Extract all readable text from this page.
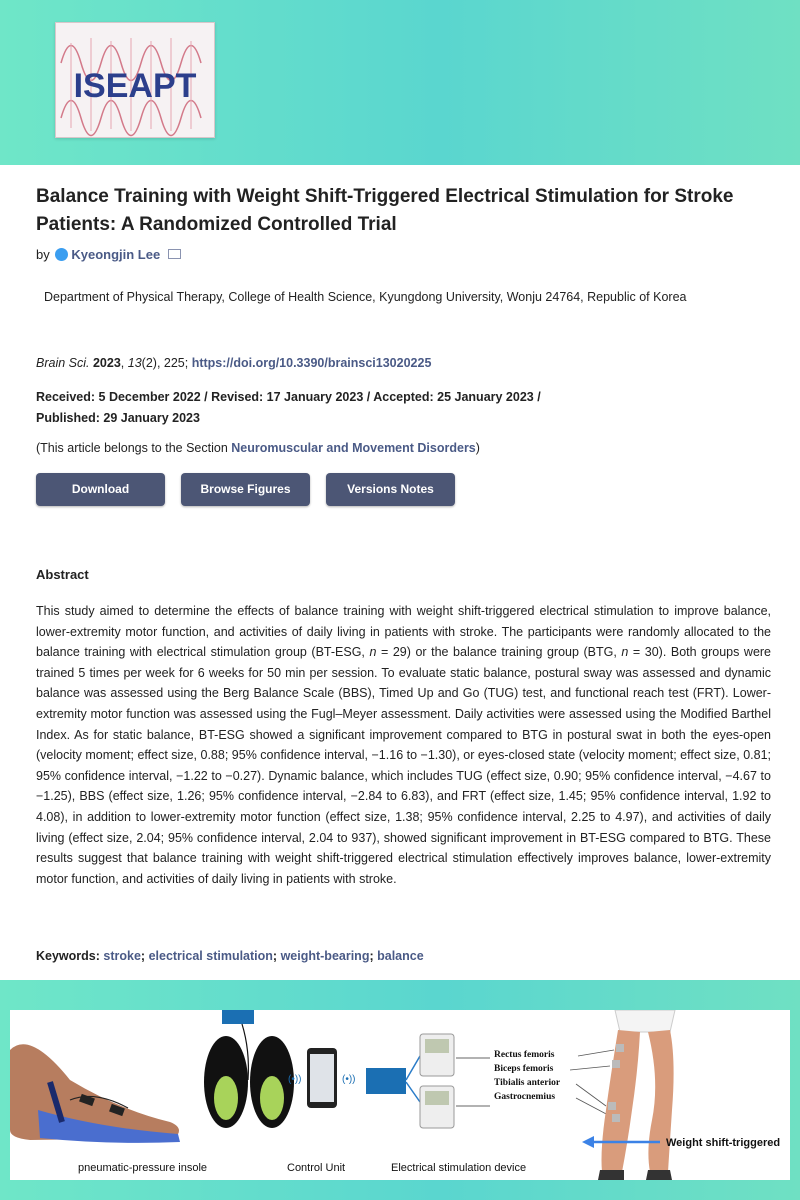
ISEAPT
Balance Training with Weight Shift-Triggered Electrical Stimulation for Stroke Patients: A Randomized Controlled Trial
by Kyeongjin Lee
Department of Physical Therapy, College of Health Science, Kyungdong University, Wonju 24764, Republic of Korea
Brain Sci. 2023, 13(2), 225; https://doi.org/10.3390/brainsci13020225
Received: 5 December 2022 / Revised: 17 January 2023 / Accepted: 25 January 2023 /
Published: 29 January 2023
(This article belongs to the Section Neuromuscular and Movement Disorders)
Download	Browse Figures	Versions Notes
Abstract
This study aimed to determine the effects of balance training with weight shift-triggered electrical stimulation to improve balance, lower-extremity motor function, and activities of daily living in patients with stroke. The participants were randomly allocated to the balance training with electrical stimulation group (BT-ESG, n = 29) or the balance training group (BTG, n = 30). Both groups were trained 5 times per week for 6 weeks for 50 min per session. To evaluate static balance, postural sway was assessed and dynamic balance was assessed using the Berg Balance Scale (BBS), Timed Up and Go (TUG) test, and functional reach test (FRT). Lower-extremity motor function was assessed using the Fugl–Meyer assessment. Daily activities were assessed using the Modified Barthel Index. As for static balance, BT-ESG showed a significant improvement compared to BTG in postural swat in both the eyes-open (velocity moment; effect size, 0.88; 95% confidence interval, −1.16 to −1.30), or eyes-closed state (velocity moment; effect size, 0.81; 95% confidence interval, −1.22 to −0.27). Dynamic balance, which includes TUG (effect size, 0.90; 95% confidence interval, −4.67 to −1.25), BBS (effect size, 1.26; 95% confidence interval, −2.84 to 6.83), and FRT (effect size, 1.45; 95% confidence interval, 1.92 to 4.08), in addition to lower-extremity motor function (effect size, 1.38; 95% confidence interval, 2.25 to 4.97), and activities of daily living (effect size, 2.04; 95% confidence interval, 2.04 to 937), showed significant improvement in BT-ESG compared to BTG. These results suggest that balance training with weight shift-triggered electrical stimulation effectively improves balance, lower-extremity motor function, and activities of daily living in patients with stroke.
Keywords: stroke; electrical stimulation; weight-bearing; balance
(•))	(•))
pneumatic-pressure insole	Control Unit	Electrical stimulation device
Weight shift-triggered
Rectus femoris
Biceps femoris
Tibialis anterior
Gastrocnemius
